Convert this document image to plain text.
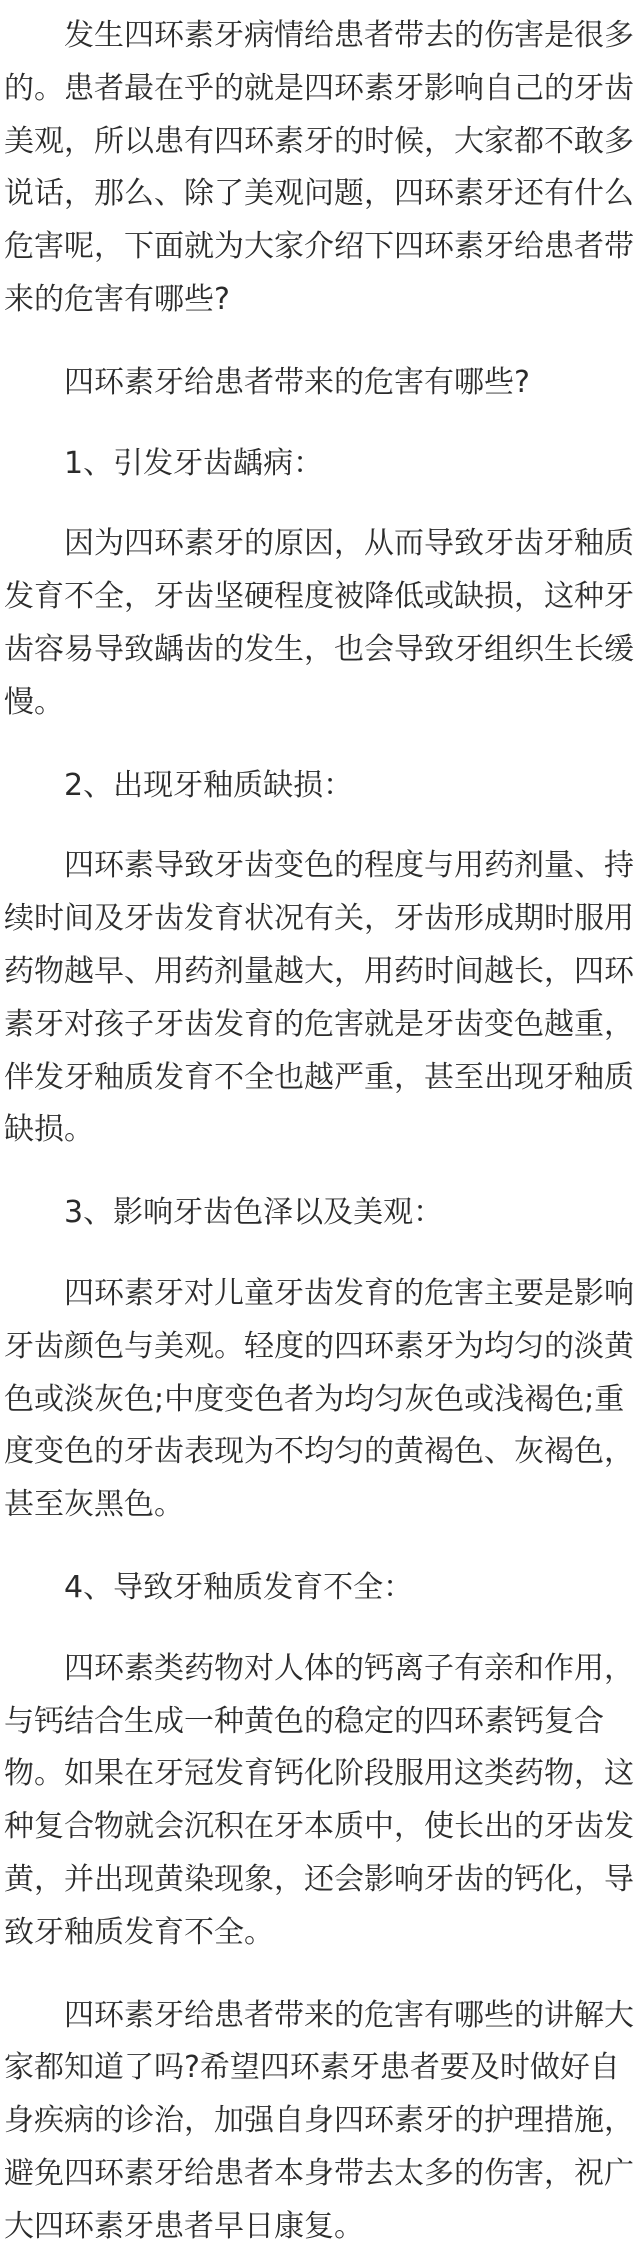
发生四环素牙病情给患者带去的伤害是很多的。患者最在乎的就是四环素牙影响自己的牙齿美观，所以患有四环素牙的时候，大家都不敢多说话，那么、除了美观问题，四环素牙还有什么危害呢，下面就为大家介绍下四环素牙给患者带来的危害有哪些?

四环素牙给患者带来的危害有哪些?

1、引发牙齿龋病：

因为四环素牙的原因，从而导致牙齿牙釉质发育不全，牙齿坚硬程度被降低或缺损，这种牙齿容易导致龋齿的发生，也会导致牙组织生长缓慢。

2、出现牙釉质缺损：

四环素导致牙齿变色的程度与用药剂量、持续时间及牙齿发育状况有关，牙齿形成期时服用药物越早、用药剂量越大，用药时间越长，四环素牙对孩子牙齿发育的危害就是牙齿变色越重，伴发牙釉质发育不全也越严重，甚至出现牙釉质缺损。

3、影响牙齿色泽以及美观：

四环素牙对儿童牙齿发育的危害主要是影响牙齿颜色与美观。轻度的四环素牙为均匀的淡黄色或淡灰色;中度变色者为均匀灰色或浅褐色;重度变色的牙齿表现为不均匀的黄褐色、灰褐色，甚至灰黑色。

4、导致牙釉质发育不全：

四环素类药物对人体的钙离子有亲和作用，与钙结合生成一种黄色的稳定的四环素钙复合物。如果在牙冠发育钙化阶段服用这类药物，这种复合物就会沉积在牙本质中，使长出的牙齿发黄，并出现黄染现象，还会影响牙齿的钙化，导致牙釉质发育不全。

四环素牙给患者带来的危害有哪些的讲解大家都知道了吗?希望四环素牙患者要及时做好自身疾病的诊治，加强自身四环素牙的护理措施，避免四环素牙给患者本身带去太多的伤害，祝广大四环素牙患者早日康复。
